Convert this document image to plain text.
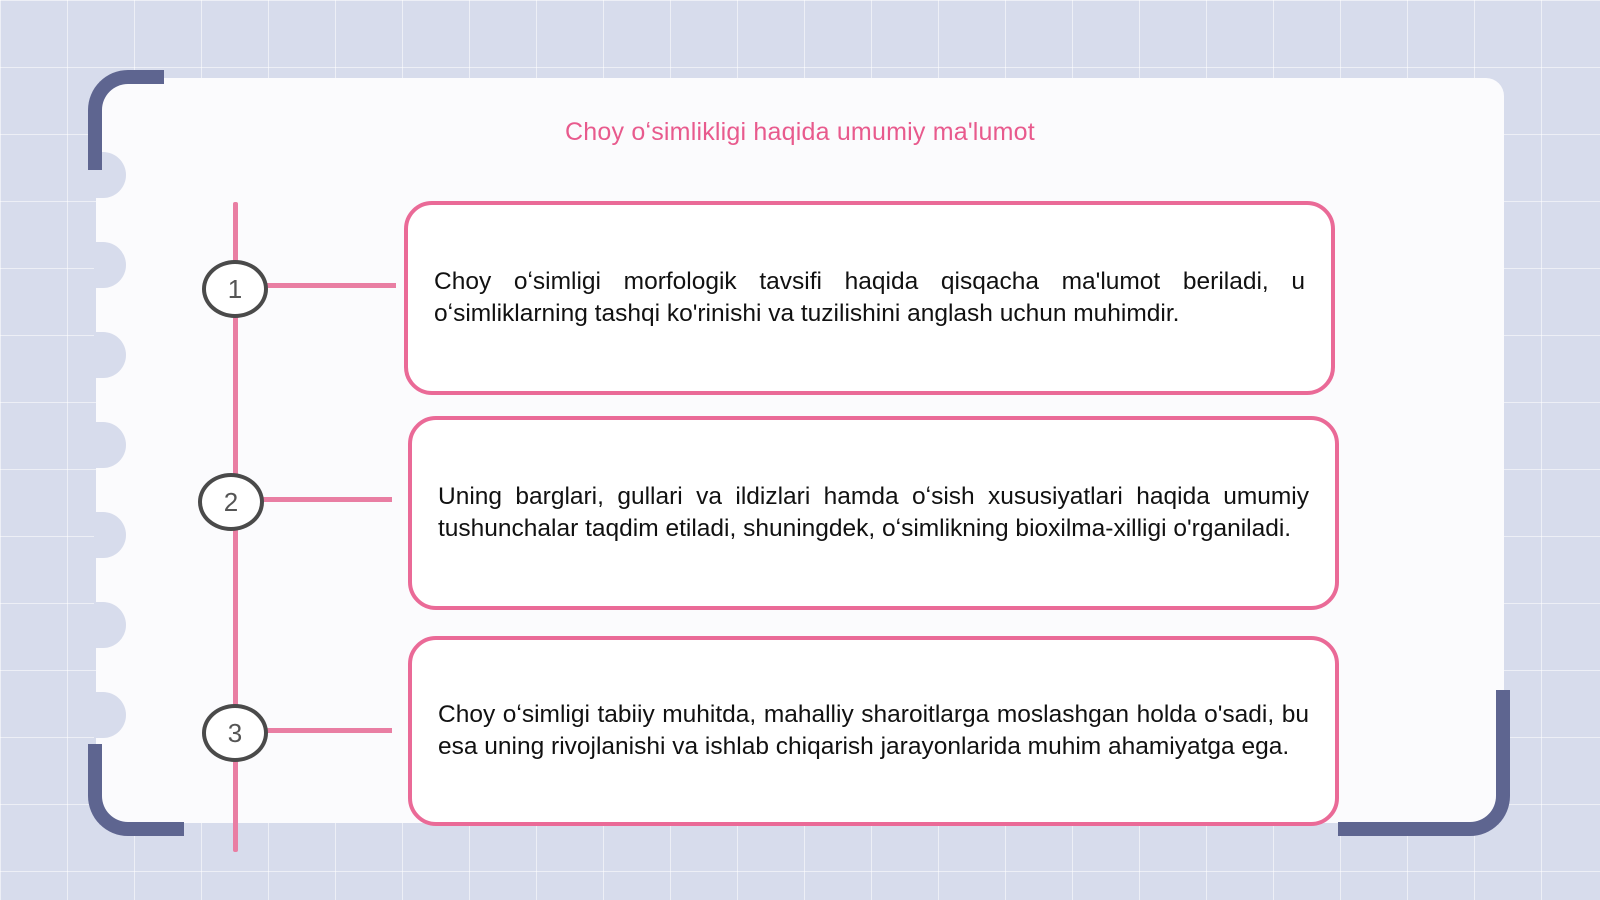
Choy oʻsimlikligi haqida umumiy ma'lumot
1	Choy oʻsimligi morfologik tavsifi haqida qisqacha ma'lumot beriladi, u oʻsimliklarning tashqi ko'rinishi va tuzilishini anglash uchun muhimdir.
2	Uning barglari, gullari va ildizlari hamda oʻsish xususiyatlari haqida umumiy tushunchalar taqdim etiladi, shuningdek, oʻsimlikning bioxilma-xilligi o'rganiladi.
3
Choy oʻsimligi tabiiy muhitda, mahalliy sharoitlarga moslashgan holda o'sadi, bu esa uning rivojlanishi va ishlab chiqarish jarayonlarida muhim ahamiyatga ega.
